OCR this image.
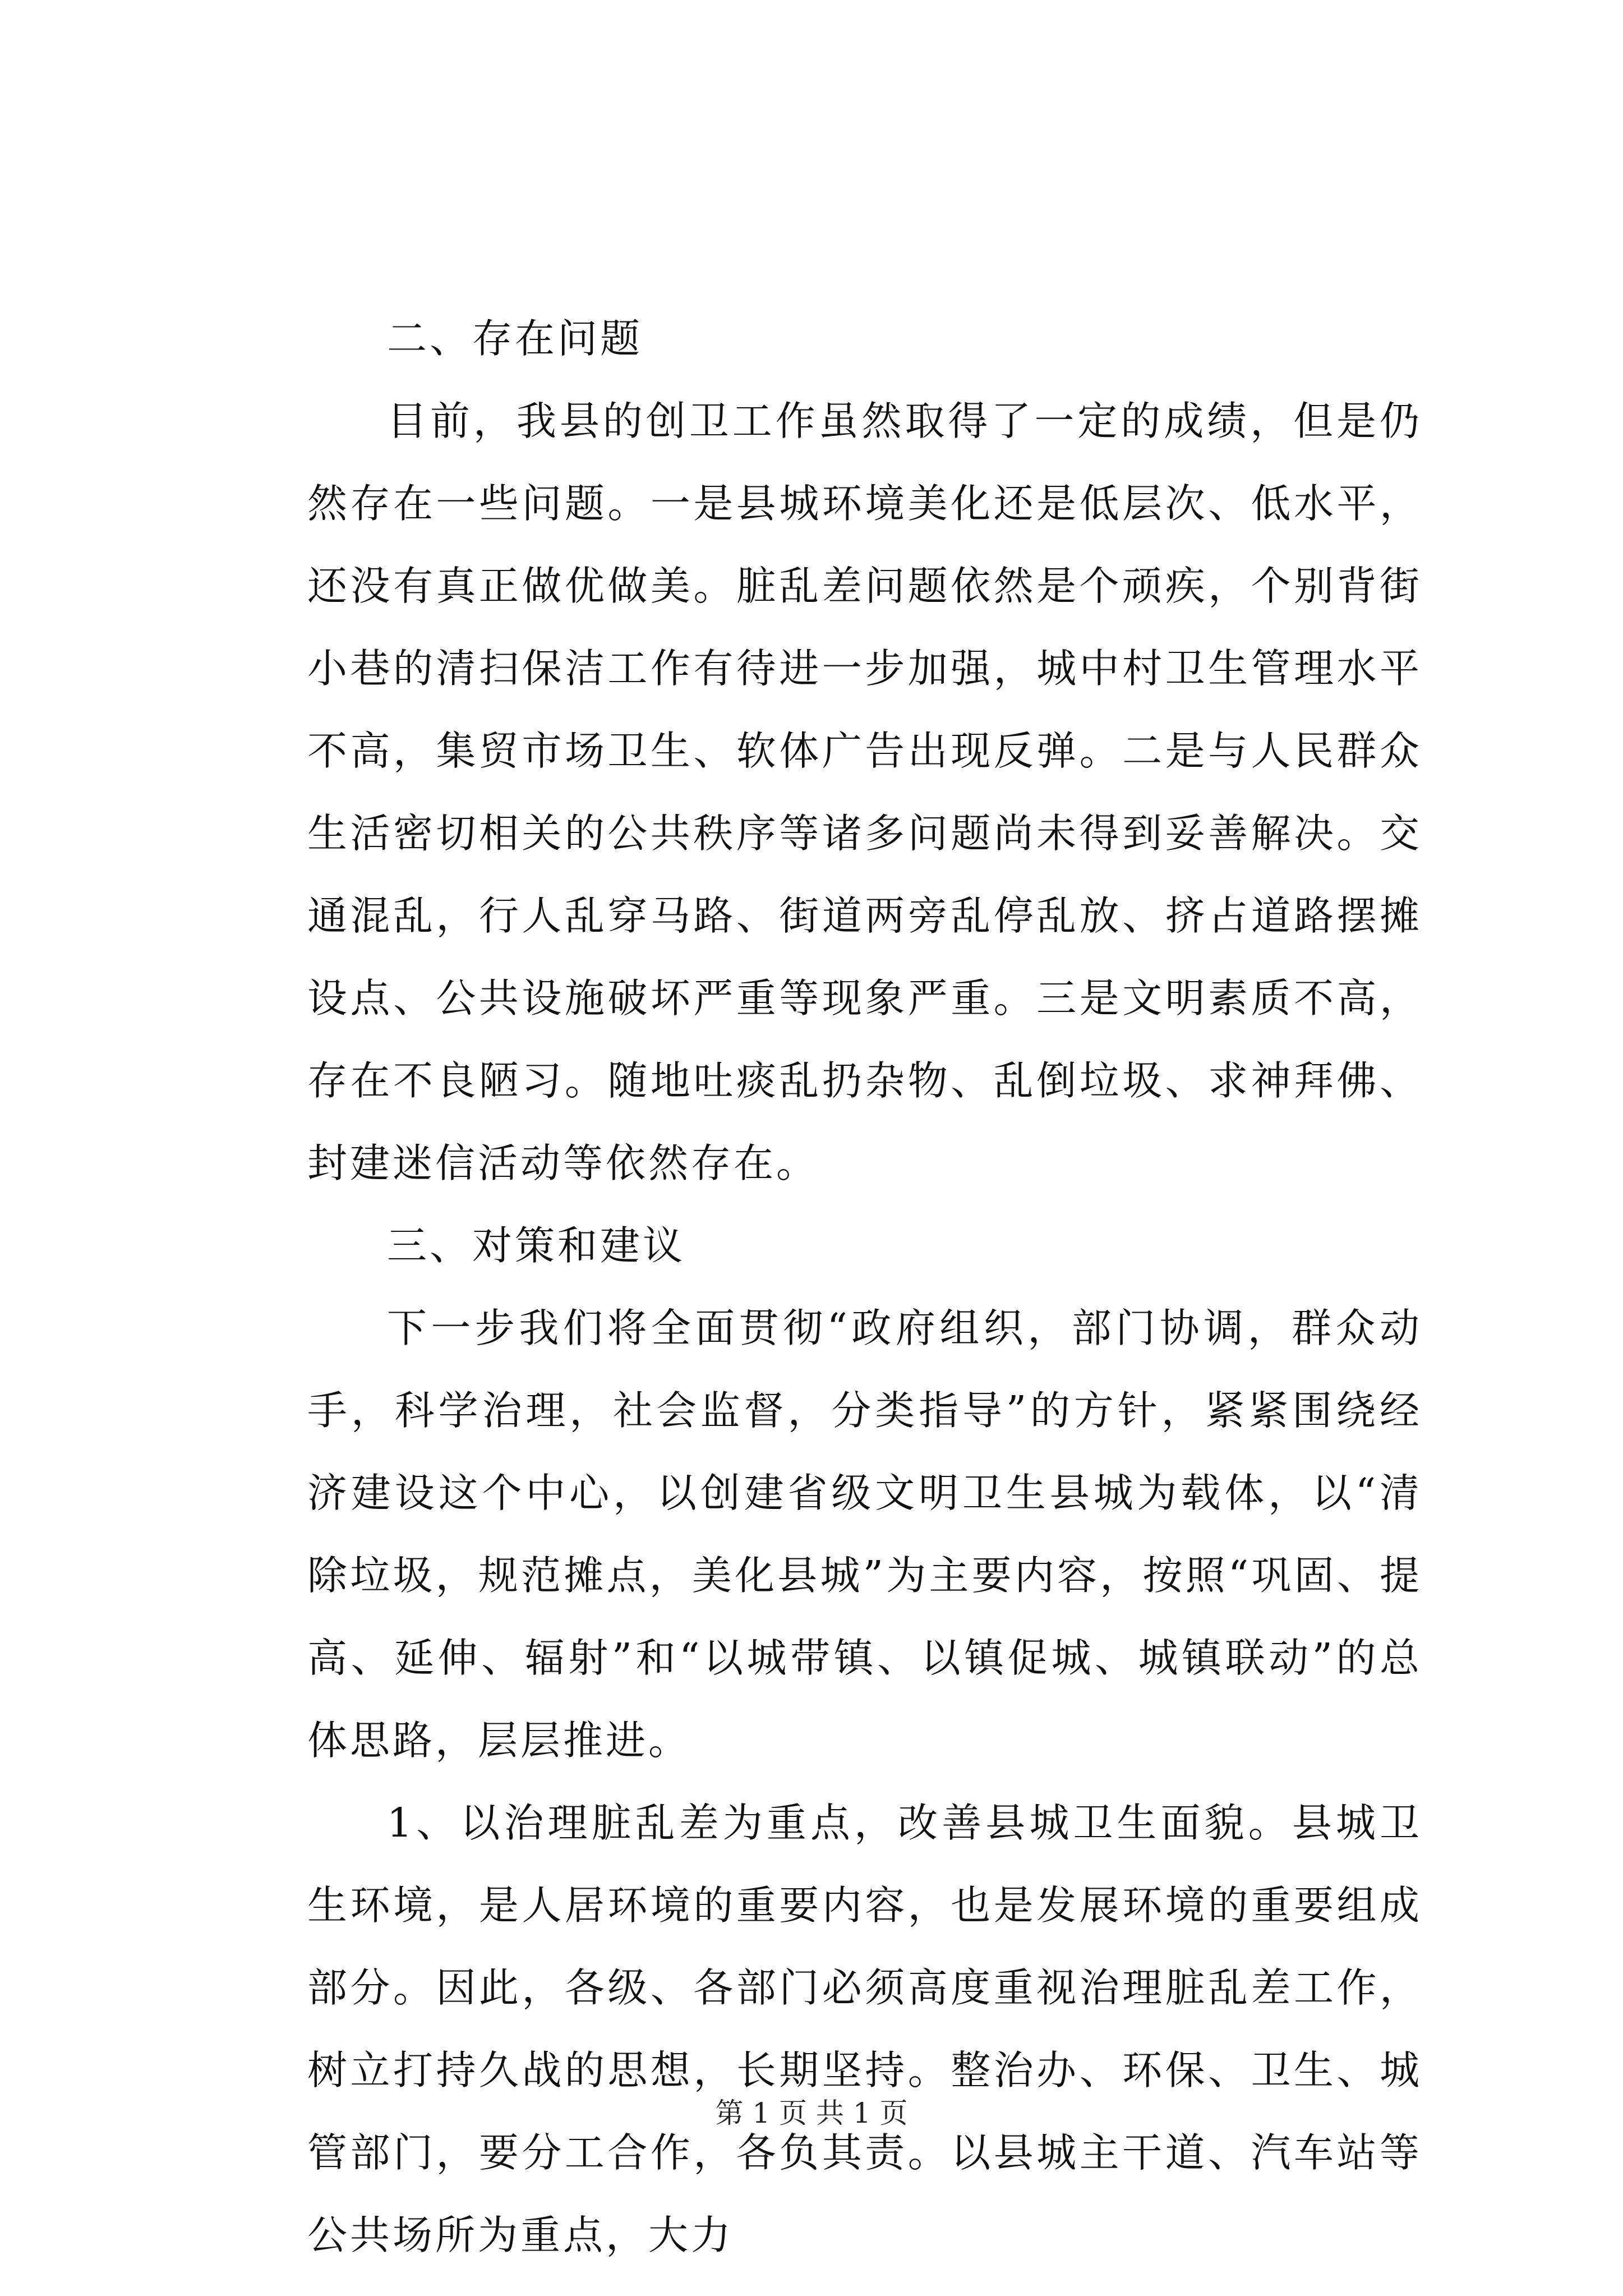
二、存在问题

目前，我县的创卫工作虽然取得了一定的成绩，但是仍然存在一些问题。一是县城环境美化还是低层次、低水平，还没有真正做优做美。脏乱差问题依然是个顽疾，个别背街小巷的清扫保洁工作有待进一步加强，城中村卫生管理水平不高，集贸市场卫生、软体广告出现反弹。二是与人民群众生活密切相关的公共秩序等诸多问题尚未得到妥善解决。交通混乱，行人乱穿马路、街道两旁乱停乱放、挤占道路摆摊设点、公共设施破坏严重等现象严重。三是文明素质不高，存在不良陋习。随地吐痰乱扔杂物、乱倒垃圾、求神拜佛、封建迷信活动等依然存在。

三、对策和建议

下一步我们将全面贯彻“政府组织，部门协调，群众动手，科学治理，社会监督，分类指导”的方针，紧紧围绕经济建设这个中心，以创建省级文明卫生县城为载体，以“清除垃圾，规范摊点，美化县城”为主要内容，按照“巩固、提高、延伸、辐射”和“以城带镇、以镇促城、城镇联动”的总体思路，层层推进。

1、以治理脏乱差为重点，改善县城卫生面貌。县城卫生环境，是人居环境的重要内容，也是发展环境的重要组成部分。因此，各级、各部门必须高度重视治理脏乱差工作，树立打持久战的思想，长期坚持。整治办、环保、卫生、城管部门，要分工合作，各负其责。以县城主干道、汽车站等公共场所为重点，大力

第 1 页 共 1 页
